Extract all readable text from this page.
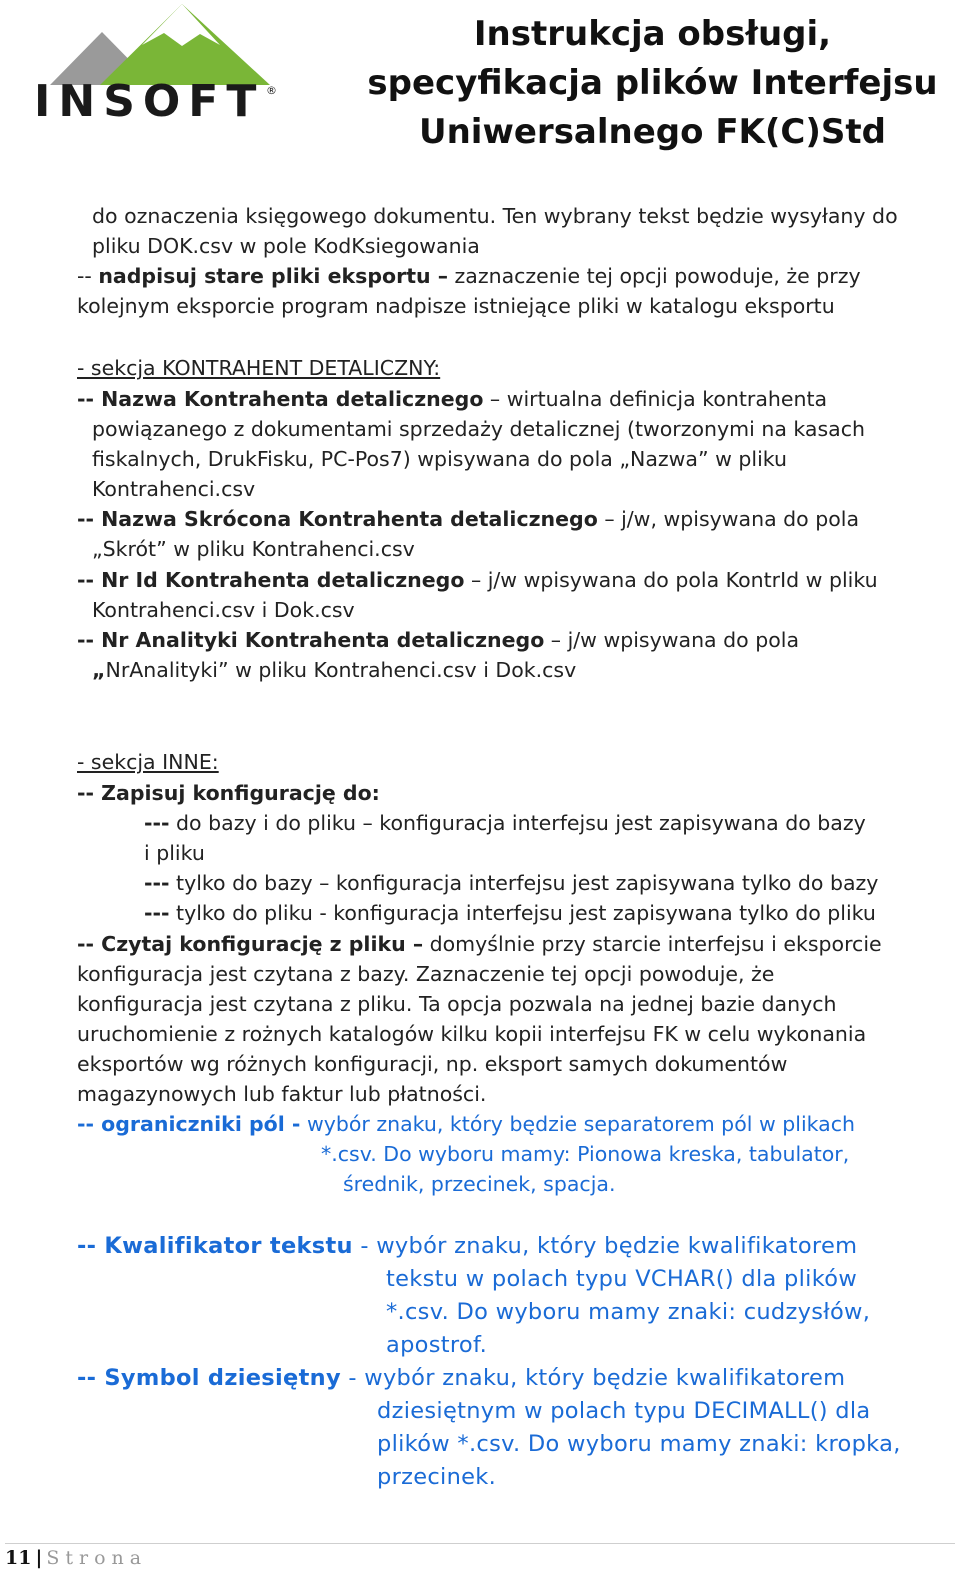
INSOFT ®
Instrukcja obsługi,
specyfikacja plików Interfejsu
Uniwersalnego FK(C)Std
do oznaczenia księgowego dokumentu. Ten wybrany tekst będzie wysyłany do
pliku DOK.csv w pole KodKsiegowania
-- nadpisuj stare pliki eksportu – zaznaczenie tej opcji powoduje, że przy
kolejnym eksporcie program nadpisze istniejące pliki w katalogu eksportu
- sekcja KONTRAHENT DETALICZNY:
-- Nazwa Kontrahenta detalicznego – wirtualna definicja kontrahenta
powiązanego z dokumentami sprzedaży detalicznej (tworzonymi na kasach
fiskalnych, DrukFisku, PC-Pos7) wpisywana do pola „Nazwa” w pliku
Kontrahenci.csv
-- Nazwa Skrócona Kontrahenta detalicznego – j/w, wpisywana do pola
„Skrót” w pliku Kontrahenci.csv
-- Nr Id Kontrahenta detalicznego – j/w wpisywana do pola KontrId w pliku
Kontrahenci.csv i Dok.csv
-- Nr Analityki Kontrahenta detalicznego – j/w wpisywana do pola
„NrAnalityki” w pliku Kontrahenci.csv i Dok.csv
- sekcja INNE:
-- Zapisuj konfigurację do:
--- do bazy i do pliku – konfiguracja interfejsu jest zapisywana do bazy
i pliku
--- tylko do bazy – konfiguracja interfejsu jest zapisywana tylko do bazy
--- tylko do pliku - konfiguracja interfejsu jest zapisywana tylko do pliku
-- Czytaj konfigurację z pliku – domyślnie przy starcie interfejsu i eksporcie
konfiguracja jest czytana z bazy. Zaznaczenie tej opcji powoduje, że
konfiguracja jest czytana z pliku. Ta opcja pozwala na jednej bazie danych
uruchomienie z rożnych katalogów kilku kopii interfejsu FK w celu wykonania
eksportów wg różnych konfiguracji, np. eksport samych dokumentów
magazynowych lub faktur lub płatności.
-- ograniczniki pól - wybór znaku, który będzie separatorem pól w plikach
*.csv. Do wyboru mamy: Pionowa kreska, tabulator,
średnik, przecinek, spacja.
-- Kwalifikator tekstu - wybór znaku, który będzie kwalifikatorem
tekstu w polach typu VCHAR() dla plików
*.csv. Do wyboru mamy znaki: cudzysłów,
apostrof.
-- Symbol dziesiętny - wybór znaku, który będzie kwalifikatorem
dziesiętnym w polach typu DECIMALL() dla
plików *.csv. Do wyboru mamy znaki: kropka,
przecinek.
11 | Strona
